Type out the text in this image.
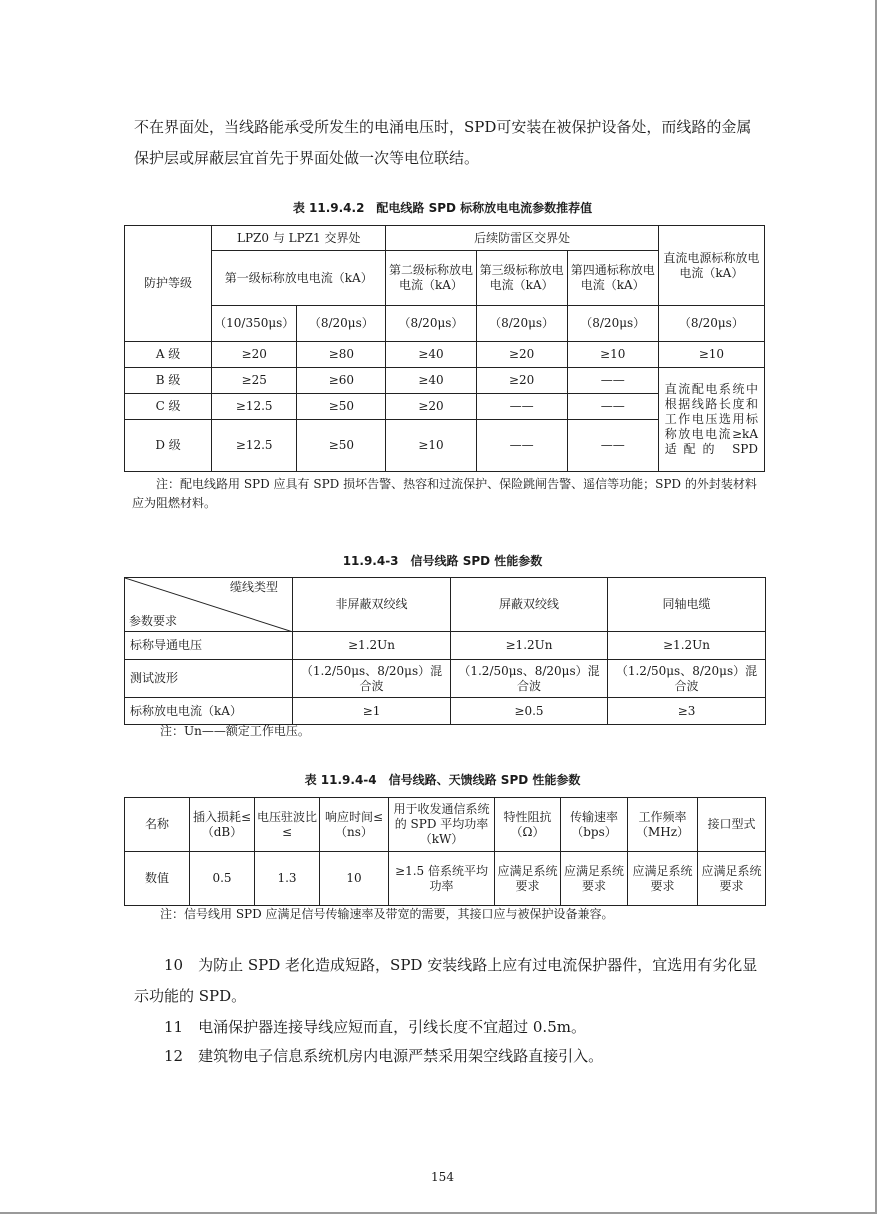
不在界面处，当线路能承受所发生的电涌电压时，SPD可安装在被保护设备处，而线路的金属保护层或屏蔽层宜首先于界面处做一次等电位联结。

表 11.9.4.2　配电线路 SPD 标称放电电流参数推荐值
防护等级	LPZ0 与 LPZ1 交界处		后续防雷区交界处			直流电源标称放电电流（kA）
	第一级标称放电电流（kA）		第二级标称放电电流（kA）	第三级标称放电电流（kA）	第四通标称放电电流（kA）	
	（10/350μs）	（8/20μs）	（8/20μs）	（8/20μs）	（8/20μs）	（8/20μs）
A 级	≥20	≥80	≥40	≥20	≥10	≥10
B 级	≥25	≥60	≥40	≥20	——	直流配电系统中根据线路长度和工作电压选用标称放电电流≥kA 适配的 SPD
C 级	≥12.5	≥50	≥20	——	——	
D 级	≥12.5	≥50	≥10	——	——	

注：配电线路用 SPD 应具有 SPD 损坏告警、热容和过流保护、保险跳闸告警、遥信等功能；SPD 的外封装材料应为阻燃材料。

11.9.4-3　信号线路 SPD 性能参数
缆线类型
参数要求	非屏蔽双绞线	屏蔽双绞线	同轴电缆
标称导通电压	≥1.2Un	≥1.2Un	≥1.2Un
测试波形	（1.2/50μs、8/20μs）混合波	（1.2/50μs、8/20μs）混合波	（1.2/50μs、8/20μs）混合波
标称放电电流（kA）	≥1	≥0.5	≥3

注：Un——额定工作电压。

表 11.9.4-4　信号线路、天馈线路 SPD 性能参数
名称	插入损耗≤（dB）	电压驻波比≤	响应时间≤（ns）	用于收发通信系统的 SPD 平均功率（kW）	特性阻抗（Ω）	传输速率（bps）	工作频率（MHz）	接口型式
数值	0.5	1.3	10	≥1.5 倍系统平均功率	应满足系统要求	应满足系统要求	应满足系统要求	应满足系统要求

注：信号线用 SPD 应满足信号传输速率及带宽的需要，其接口应与被保护设备兼容。

10　 为防止 SPD 老化造成短路，SPD 安装线路上应有过电流保护器件，宜选用有劣化显示功能的 SPD。

11　 电涌保护器连接导线应短而直，引线长度不宜超过 0.5m。

12　 建筑物电子信息系统机房内电源严禁采用架空线路直接引入。

154
